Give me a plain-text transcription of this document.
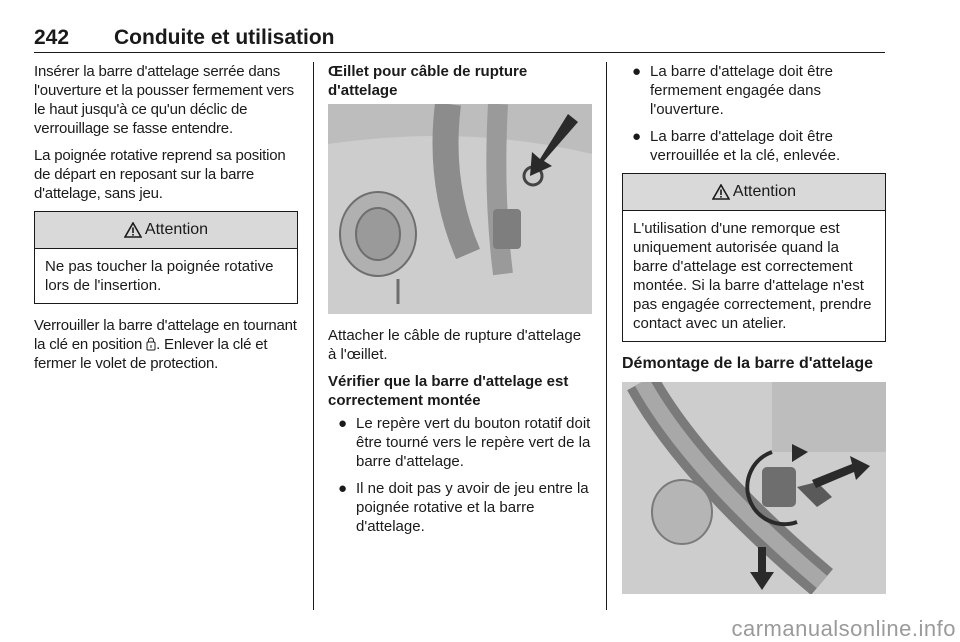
242 Conduite et utilisation

Insérer la barre d'attelage serrée dans l'ouverture et la pousser fermement vers le haut jusqu'à ce qu'un déclic de verrouillage se fasse entendre.

La poignée rotative reprend sa position de départ en reposant sur la barre d'attelage, sans jeu.

Attention
Ne pas toucher la poignée rotative lors de l'insertion.

Verrouiller la barre d'attelage en tournant la clé en position . Enlever la clé et fermer le volet de protection.

Œillet pour câble de rupture d'attelage

Attacher le câble de rupture d'attelage à l'œillet.

Vérifier que la barre d'attelage est correctement montée
● Le repère vert du bouton rotatif doit être tourné vers le repère vert de la barre d'attelage.
● Il ne doit pas y avoir de jeu entre la poignée rotative et la barre d'attelage.
● La barre d'attelage doit être fermement engagée dans l'ouverture.
● La barre d'attelage doit être verrouillée et la clé, enlevée.
Attention
L'utilisation d'une remorque est uniquement autorisée quand la barre d'attelage est correctement montée. Si la barre d'attelage n'est pas engagée correctement, prendre contact avec un atelier.
Démontage de la barre d'attelage
carmanualsonline.info
